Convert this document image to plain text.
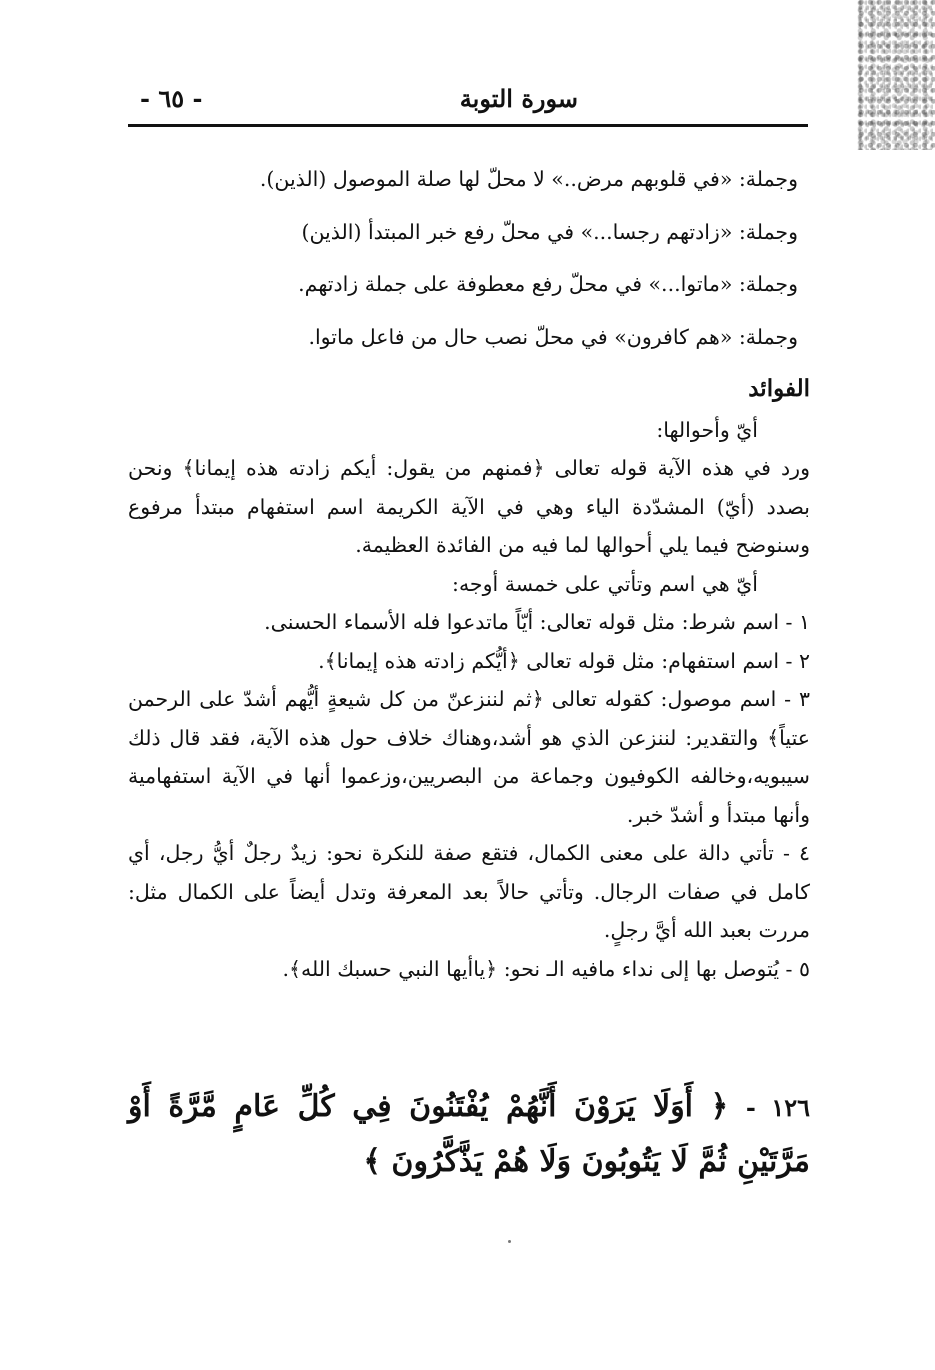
سورة التوبة
- ٦٥ -

وجملة: «في قلوبهم مرض..» لا محلّ لها صلة الموصول (الذين).

وجملة: «زادتهم رجسا...» في محلّ رفع خبر المبتدأ (الذين)

وجملة: «ماتوا...» في محلّ رفع معطوفة على جملة زادتهم.

وجملة: «هم كافرون» في محلّ نصب حال من فاعل ماتوا.

الفوائد

أيّ وأحوالها:

ورد في هذه الآية قوله تعالى ﴿فمنهم من يقول: أيكم زادته هذه إيمانا﴾ ونحن بصدد (أيّ) المشدّدة الياء وهي في الآية الكريمة اسم استفهام مبتدأ مرفوع وسنوضح فيما يلي أحوالها لما فيه من الفائدة العظيمة.

أيّ هي اسم وتأتي على خمسة أوجه:

١ - اسم شرط: مثل قوله تعالى: أيّاً ماتدعوا فله الأسماء الحسنى.

٢ - اسم استفهام: مثل قوله تعالى ﴿أيُّكم زادته هذه إيمانا﴾.

٣ - اسم موصول: كقوله تعالى ﴿ثم لننزعنّ من كل شيعةٍ أيُّهم أشدّ على الرحمن عتياً﴾ والتقدير: لننزعن الذي هو أشد،وهناك خلاف حول هذه الآية، فقد قال ذلك سيبويه،وخالفه الكوفيون وجماعة من البصريين،وزعموا أنها في الآية استفهامية وأنها مبتدأ و أشدّ خبر.

٤ - تأتي دالة على معنى الكمال، فتقع صفة للنكرة نحو: زيدٌ رجلٌ أيُّ رجل، أي كامل في صفات الرجال. وتأتي حالاً بعد المعرفة وتدل أيضاً على الكمال مثل: مررت بعبد الله أيَّ رجلٍ.

٥ - يُتوصل بها إلى نداء مافيه الـ نحو: ﴿ياأيها النبي حسبك الله﴾.

١٢٦ - ﴿ أَوَلَا يَرَوْنَ أَنَّهُمْ يُفْتَنُونَ فِي كُلِّ عَامٍ مَّرَّةً أَوْ مَرَّتَيْنِ ثُمَّ لَا يَتُوبُونَ وَلَا هُمْ يَذَّكَّرُونَ ﴾
